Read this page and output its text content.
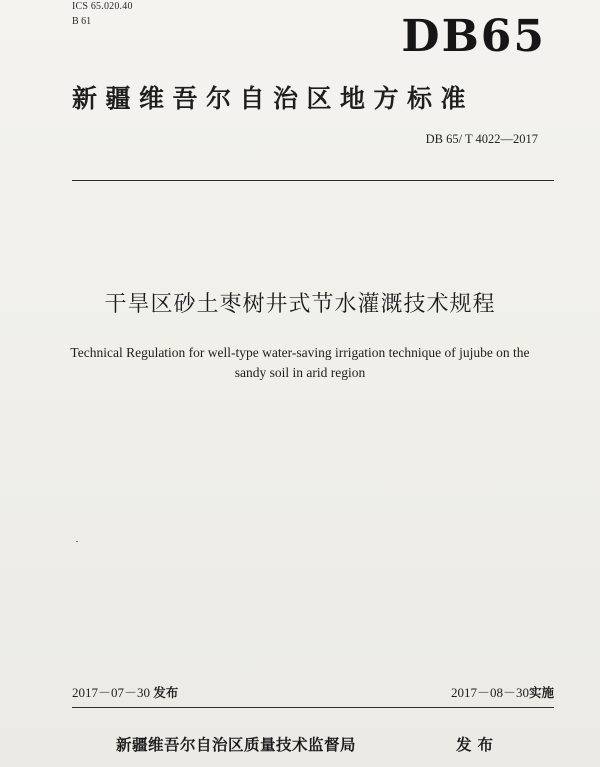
ICS 65.020.40
B 61	DB65
新疆维吾尔自治区地方标准
DB 65/ T 4022—2017
干旱区砂土枣树井式节水灌溉技术规程
Technical Regulation for well-type water-saving irrigation technique of jujube on the sandy soil in arid region
2017－07－30 发布	2017－08－30实施
新疆维吾尔自治区质量技术监督局	发布
